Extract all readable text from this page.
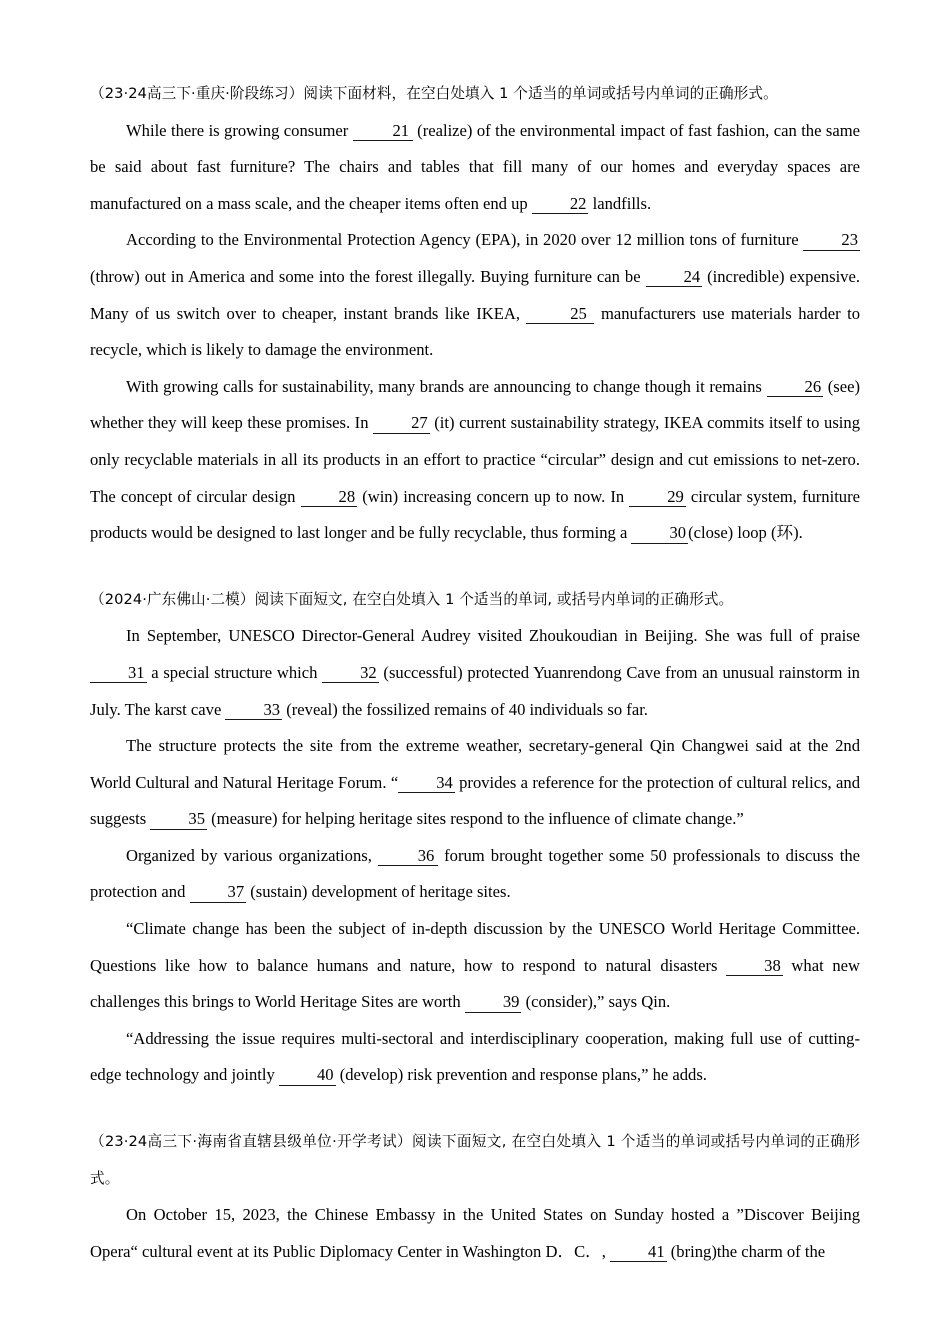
（23·24高三下·重庆·阶段练习）阅读下面材料，在空白处填入 1 个适当的单词或括号内单词的正确形式。

While there is growing consumer 21 (realize) of the environmental impact of fast fashion, can the same be said about fast furniture? The chairs and tables that fill many of our homes and everyday spaces are manufactured on a mass scale, and the cheaper items often end up 22 landfills.

According to the Environmental Protection Agency (EPA), in 2020 over 12 million tons of furniture 23 (throw) out in America and some into the forest illegally. Buying furniture can be 24 (incredible) expensive. Many of us switch over to cheaper, instant brands like IKEA,	25 manufacturers use materials harder to recycle, which is likely to damage the environment.

With growing calls for sustainability, many brands are announcing to change though it remains 26 (see) whether they will keep these promises. In 27 (it) current sustainability strategy, IKEA commits itself to using only recyclable materials in all its products in an effort to practice “circular” design and cut emissions to net-zero. The concept of circular design 28 (win) increasing concern up to now. In 29 circular system, furniture products would be designed to last longer and be fully recyclable, thus forming a 30 (close) loop (环).

（2024·广东佛山·二模）阅读下面短文, 在空白处填入 1 个适当的单词, 或括号内单词的正确形式。

In September, UNESCO Director-General Audrey visited Zhoukoudian in Beijing. She was full of praise 31 a special structure which 32 (successful) protected Yuanrendong Cave from an unusual rainstorm in July. The karst cave 33 (reveal) the fossilized remains of 40 individuals so far.

The structure protects the site from the extreme weather, secretary-general Qin Changwei said at the 2nd World Cultural and Natural Heritage Forum. “ 34 provides a reference for the protection of cultural relics, and suggests 35 (measure) for helping heritage sites respond to the influence of climate change.”

Organized by various organizations, 36 forum brought together some 50 professionals to discuss the protection and 37 (sustain) development of heritage sites.

“Climate change has been the subject of in-depth discussion by the UNESCO World Heritage Committee. Questions like how to balance humans and nature, how to respond to natural disasters 38 what new challenges this brings to World Heritage Sites are worth 39 (consider),” says Qin.

“Addressing the issue requires multi-sectoral and interdisciplinary cooperation, making full use of cutting-edge technology and jointly 40 (develop) risk prevention and response plans,” he adds.

（23·24高三下·海南省直辖县级单位·开学考试）阅读下面短文, 在空白处填入 1 个适当的单词或括号内单词的正确形式。

On October 15, 2023, the Chinese Embassy in the United States on Sunday hosted a ”Discover Beijing Opera“ cultural event at its Public Diplomacy Center in Washington D．C．, 41 (bring)the charm of the
